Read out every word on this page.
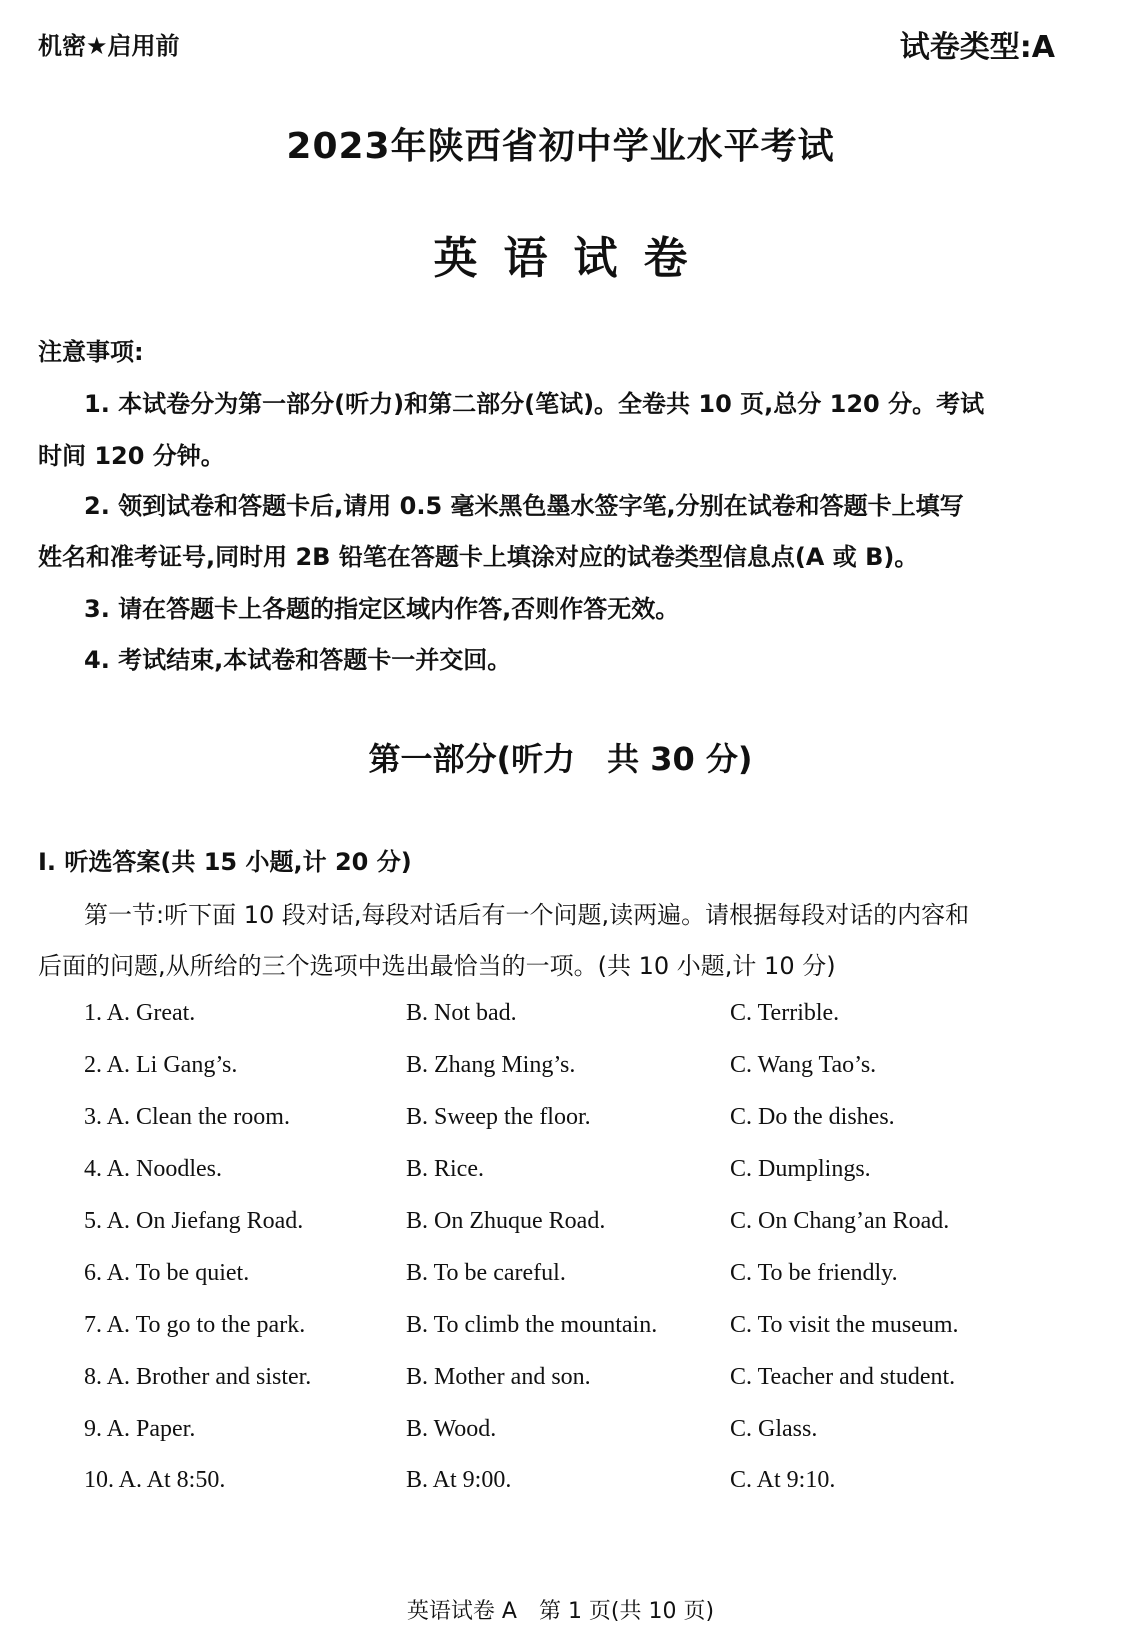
机密★启用前	试卷类型:A
2023年陕西省初中学业水平考试
英语试卷
注意事项:
1. 本试卷分为第一部分(听力)和第二部分(笔试)。全卷共 10 页,总分 120 分。考试
时间 120 分钟。
2. 领到试卷和答题卡后,请用 0.5 毫米黑色墨水签字笔,分别在试卷和答题卡上填写
姓名和准考证号,同时用 2B 铅笔在答题卡上填涂对应的试卷类型信息点(A 或 B)。
3. 请在答题卡上各题的指定区域内作答,否则作答无效。
4. 考试结束,本试卷和答题卡一并交回。
第一部分(听力　共 30 分)
Ⅰ. 听选答案(共 15 小题,计 20 分)
第一节:听下面 10 段对话,每段对话后有一个问题,读两遍。请根据每段对话的内容和
后面的问题,从所给的三个选项中选出最恰当的一项。(共 10 小题,计 10 分)
1. A. Great.	B. Not bad.	C. Terrible.
2. A. Li Gang’s.	B. Zhang Ming’s.	C. Wang Tao’s.
3. A. Clean the room.	B. Sweep the floor.	C. Do the dishes.
4. A. Noodles.	B. Rice.	C. Dumplings.
5. A. On Jiefang Road.	B. On Zhuque Road.	C. On Chang’an Road.
6. A. To be quiet.	B. To be careful.	C. To be friendly.
7. A. To go to the park.	B. To climb the mountain.	C. To visit the museum.
8. A. Brother and sister.	B. Mother and son.	C. Teacher and student.
9. A. Paper.	B. Wood.	C. Glass.
10. A. At 8:50.	B. At 9:00.	C. At 9:10.
英语试卷 A　第 1 页(共 10 页)
